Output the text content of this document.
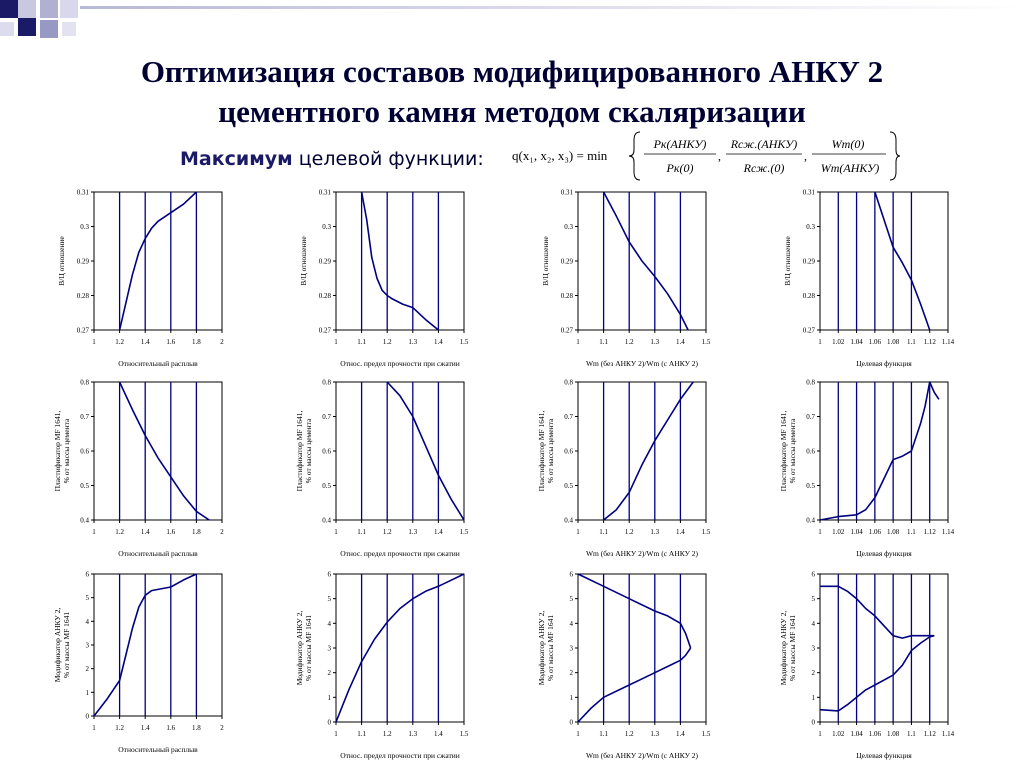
Оптимизация составов модифицированного АНКУ 2
цементного камня методом скаляризации
Максимум целевой функции: q(x₁, x₂, x₃) = min
Pк(АНКУ)
Pк(0)
,
Rсж.(АНКУ)
Rсж.(0)
,
Wm(0)
Wm(АНКУ)
1	1.2 1.4 1.6 1.8	2
0.27
0.28
0.29
0.3
0.31
Относительный расплыв
В/Ц отношение
1	1.1 1.2 1.3 1.4 1.5
0.27
0.28
0.29
0.3
0.31
Относ. предел прочности при сжатии
В/Ц отношение
1	1.1 1.2 1.3 1.4 1.5
0.27
0.28
0.29
0.3
0.31
Wm (без АНКУ 2)/Wm (с АНКУ 2)
В/Ц отношение
1 1.02 1.04 1.06 1.08 1.1 1.12 1.14
0.27
0.28
0.29
0.3
0.31
Целевая функция
В/Ц отношение
1	1.2 1.4 1.6 1.8	2
0.4
0.5
0.6
0.7
0.8
Относительный расплыв
Пластификатор МF 1641,% от массы цемента
1	1.1 1.2 1.3 1.4 1.5
0.4
0.5
0.6
0.7
0.8
Относ. предел прочности при сжатии
Пластификатор МF 1641,% от массы цемента
1	1.1 1.2 1.3 1.4 1.5
0.4
0.5
0.6
0.7
0.8
Wm (без АНКУ 2)/Wm (с АНКУ 2)
Пластификатор МF 1641,% от массы цемента
1 1.02 1.04 1.06 1.08 1.1 1.12 1.14
0.4
0.5
0.6
0.7
0.8
Целевая функция
Пластификатор МF 1641,% от массы цемента
1	1.2 1.4 1.6 1.8	2
0
1
2
3
4
5
6
Относительный расплыв
Модификатор АНКУ 2,% от массы МF 1641
1	1.1 1.2 1.3 1.4 1.5
0
1
2
3
4
5
6
Относ. предел прочности при сжатии
Модификатор АНКУ 2,% от массы МF 1641
1	1.1 1.2 1.3 1.4 1.5
0
1
2
3
4
5
6
Wm (без АНКУ 2)/Wm (с АНКУ 2)
Модификатор АНКУ 2,% от массы МF 1641
1 1.02 1.04 1.06 1.08 1.1 1.12 1.14
0
1
2
3
4
5
6
Целевая функция
Модификатор АНКУ 2,% от массы МF 1641
